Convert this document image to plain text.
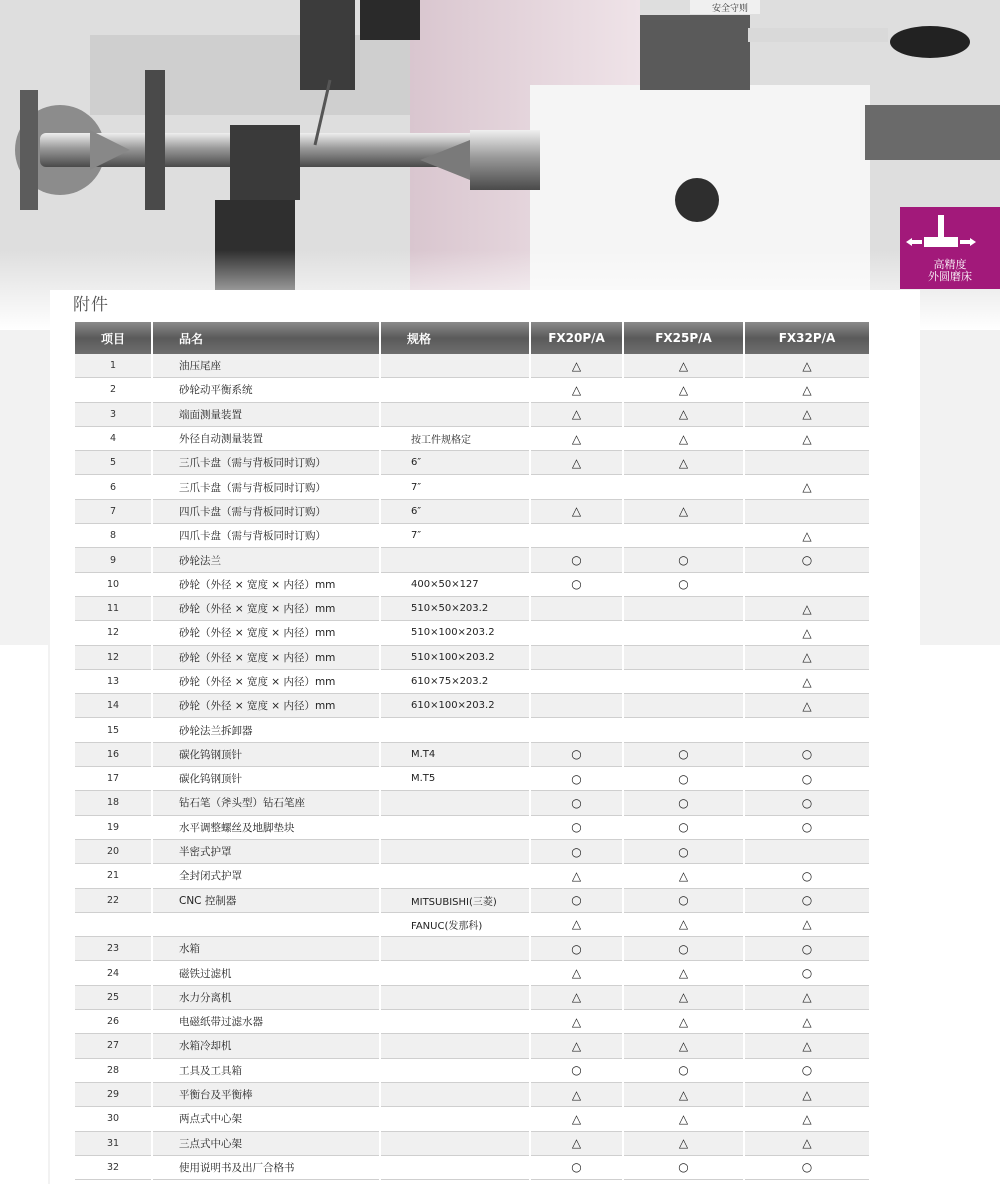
安全守则
高精度
外圆磨床
附件
项目	品名	规格	FX20P/A	FX25P/A	FX32P/A
1	油压尾座		△	△	△
2	砂轮动平衡系统		△	△	△
3	端面测量装置		△	△	△
4	外径自动测量装置	按工件规格定	△	△	△
5	三爪卡盘（需与背板同时订购）	6″	△	△	
6	三爪卡盘（需与背板同时订购）	7″			△
7	四爪卡盘（需与背板同时订购）	6″	△	△	
8	四爪卡盘（需与背板同时订购）	7″			△
9	砂轮法兰		○	○	○
10	砂轮（外径 × 宽度 × 内径）mm	400×50×127	○	○	
11	砂轮（外径 × 宽度 × 内径）mm	510×50×203.2			△
12	砂轮（外径 × 宽度 × 内径）mm	510×100×203.2			△
12	砂轮（外径 × 宽度 × 内径）mm	510×100×203.2			△
13	砂轮（外径 × 宽度 × 内径）mm	610×75×203.2			△
14	砂轮（外径 × 宽度 × 内径）mm	610×100×203.2			△
15	砂轮法兰拆卸器				
16	碳化钨钢顶针	M.T4	○	○	○
17	碳化钨钢顶针	M.T5	○	○	○
18	钻石笔（斧头型）钻石笔座		○	○	○
19	水平调整螺丝及地脚垫块		○	○	○
20	半密式护罩		○	○	
21	全封闭式护罩		△	△	○
22	CNC 控制器	MITSUBISHI(三菱)	○	○	○
		FANUC(发那科)	△	△	△
23	水箱		○	○	○
24	磁铁过滤机		△	△	○
25	水力分离机		△	△	△
26	电磁纸带过滤水器		△	△	△
27	水箱冷却机		△	△	△
28	工具及工具箱		○	○	○
29	平衡台及平衡棒		△	△	△
30	两点式中心架		△	△	△
31	三点式中心架		△	△	△
32	使用说明书及出厂合格书		○	○	○
